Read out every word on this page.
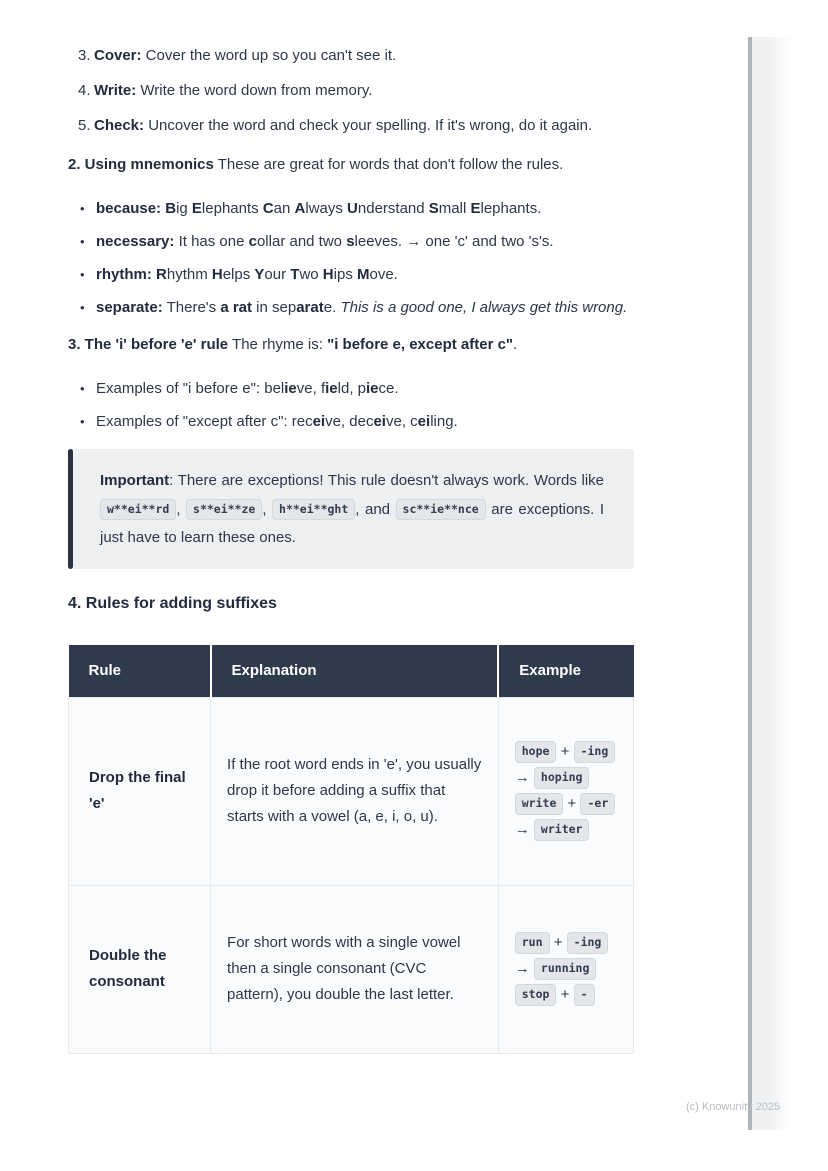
3. Cover: Cover the word up so you can't see it.
4. Write: Write the word down from memory.
5. Check: Uncover the word and check your spelling. If it's wrong, do it again.

2. Using mnemonics These are great for words that don't follow the rules.

• because: Big Elephants Can Always Understand Small Elephants.
• necessary: It has one collar and two sleeves. → one 'c' and two 's's.
• rhythm: Rhythm Helps Your Two Hips Move.
• separate: There's a rat in separate. This is a good one, I always get this wrong.

3. The 'i' before 'e' rule The rhyme is: "i before e, except after c".

• Examples of "i before e": believe, field, piece.
• Examples of "except after c": receive, deceive, ceiling.
Important: There are exceptions! This rule doesn't always work. Words like w**ei**rd , s**ei**ze , h**ei**ght , and sc**ie**nce are exceptions. I just have to learn these ones.
4. Rules for adding suffixes
Rule	Explanation	Example
Drop the final 'e'	If the root word ends in 'e', you usually drop it before adding a suffix that starts with a vowel (a, e, i, o, u).	hope + -ing → hoping write + -er → writer
Double the consonant	For short words with a single vowel then a single consonant (CVC pattern), you double the last letter.	run + -ing → running stop + -
(c) Knowunity 2025
